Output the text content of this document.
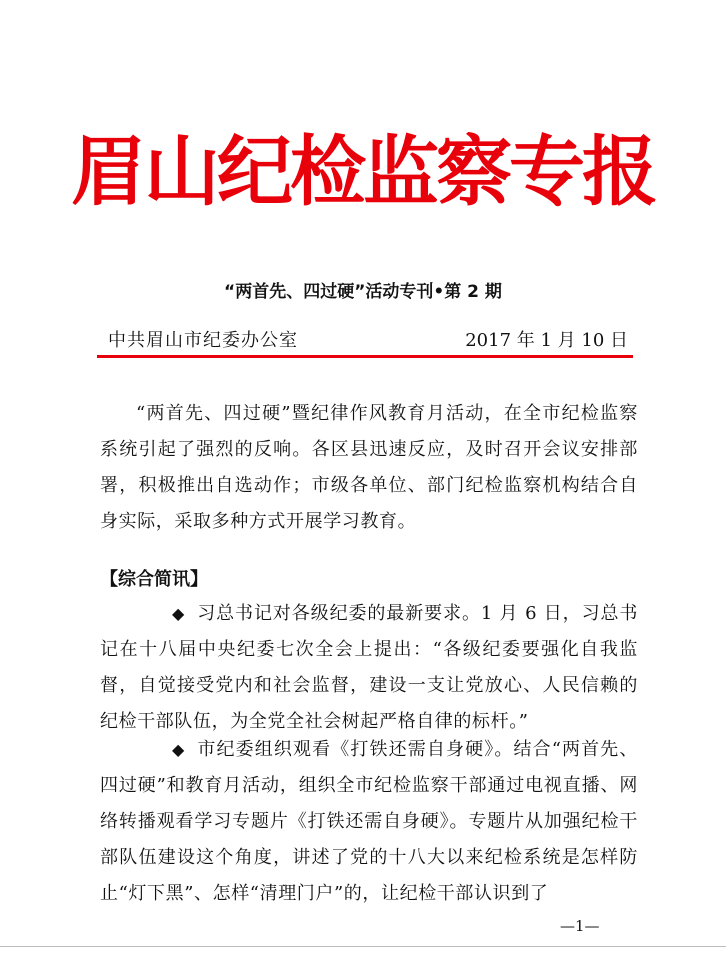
眉山纪检监察专报
“两首先、四过硬”活动专刊•第 2 期
中共眉山市纪委办公室	2017 年 1 月 10 日

“两首先、四过硬”暨纪律作风教育月活动，在全市纪检监察系统引起了强烈的反响。各区县迅速反应，及时召开会议安排部署，积极推出自选动作；市级各单位、部门纪检监察机构结合自身实际，采取多种方式开展学习教育。

【综合简讯】

◆ 习总书记对各级纪委的最新要求。1 月 6 日，习总书记在十八届中央纪委七次全会上提出：“各级纪委要强化自我监督，自觉接受党内和社会监督，建设一支让党放心、人民信赖的纪检干部队伍，为全党全社会树起严格自律的标杆。”

◆ 市纪委组织观看《打铁还需自身硬》。结合“两首先、四过硬”和教育月活动，组织全市纪检监察干部通过电视直播、网络转播观看学习专题片《打铁还需自身硬》。专题片从加强纪检干部队伍建设这个角度，讲述了党的十八大以来纪检系统是怎样防止“灯下黑”、怎样“清理门户”的，让纪检干部认识到了

—1—
